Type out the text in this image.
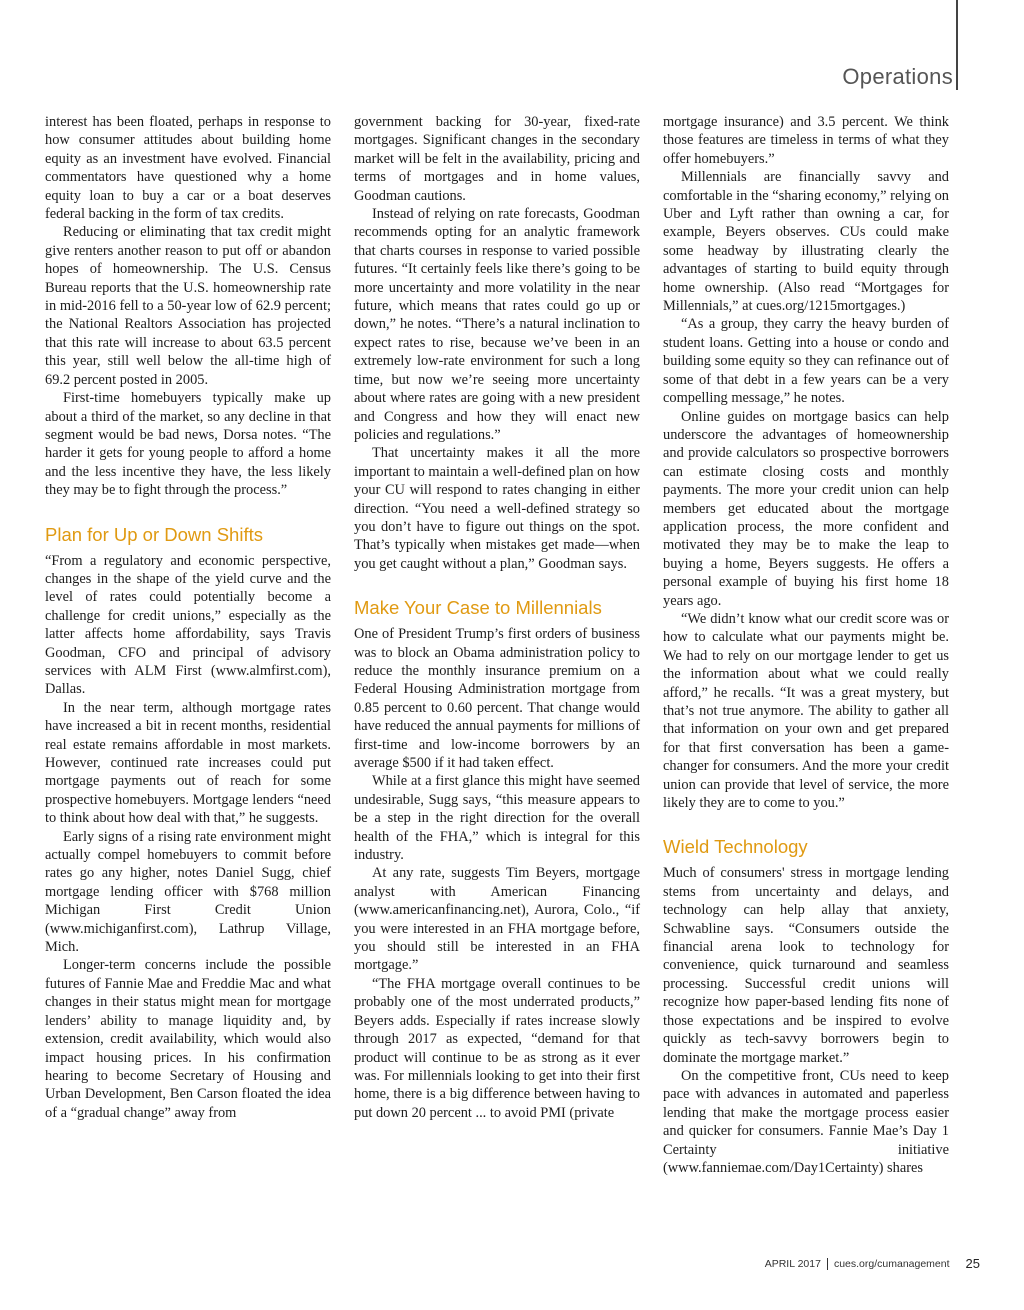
Operations

interest has been floated, perhaps in response to how consumer attitudes about building home equity as an investment have evolved. Financial commentators have questioned why a home equity loan to buy a car or a boat deserves federal backing in the form of tax credits.

Reducing or eliminating that tax credit might give renters another reason to put off or abandon hopes of homeownership. The U.S. Census Bureau reports that the U.S. homeownership rate in mid-2016 fell to a 50-year low of 62.9 percent; the National Realtors Association has projected that this rate will increase to about 63.5 percent this year, still well below the all-time high of 69.2 percent posted in 2005.

First-time homebuyers typically make up about a third of the market, so any decline in that segment would be bad news, Dorsa notes. “The harder it gets for young people to afford a home and the less incentive they have, the less likely they may be to fight through the process.”

Plan for Up or Down Shifts

“From a regulatory and economic perspective, changes in the shape of the yield curve and the level of rates could potentially become a challenge for credit unions,” especially as the latter affects home affordability, says Travis Goodman, CFO and principal of advisory services with ALM First (www.almfirst.com), Dallas.

In the near term, although mortgage rates have increased a bit in recent months, residential real estate remains affordable in most markets. However, continued rate increases could put mortgage payments out of reach for some prospective homebuyers. Mortgage lenders “need to think about how deal with that,” he suggests.

Early signs of a rising rate environment might actually compel homebuyers to commit before rates go any higher, notes Daniel Sugg, chief mortgage lending officer with $768 million Michigan First Credit Union (www.michiganfirst.com), Lathrup Village, Mich.

Longer-term concerns include the possible futures of Fannie Mae and Freddie Mac and what changes in their status might mean for mortgage lenders’ ability to manage liquidity and, by extension, credit availability, which would also impact housing prices. In his confirmation hearing to become Secretary of Housing and Urban Development, Ben Carson floated the idea of a “gradual change” away from

government backing for 30-year, fixed-rate mortgages. Significant changes in the secondary market will be felt in the availability, pricing and terms of mortgages and in home values, Goodman cautions.

Instead of relying on rate forecasts, Goodman recommends opting for an analytic framework that charts courses in response to varied possible futures. “It certainly feels like there’s going to be more uncertainty and more volatility in the near future, which means that rates could go up or down,” he notes. “There’s a natural inclination to expect rates to rise, because we’ve been in an extremely low-rate environment for such a long time, but now we’re seeing more uncertainty about where rates are going with a new president and Congress and how they will enact new policies and regulations.”

That uncertainty makes it all the more important to maintain a well-defined plan on how your CU will respond to rates changing in either direction. “You need a well-defined strategy so you don’t have to figure out things on the spot. That’s typically when mistakes get made—when you get caught without a plan,” Goodman says.

Make Your Case to Millennials

One of President Trump’s first orders of business was to block an Obama administration policy to reduce the monthly insurance premium on a Federal Housing Administration mortgage from 0.85 percent to 0.60 percent. That change would have reduced the annual payments for millions of first-time and low-income borrowers by an average $500 if it had taken effect.

While at a first glance this might have seemed undesirable, Sugg says, “this measure appears to be a step in the right direction for the overall health of the FHA,” which is integral for this industry.

At any rate, suggests Tim Beyers, mortgage analyst with American Financing (www.americanfinancing.net), Aurora, Colo., “if you were interested in an FHA mortgage before, you should still be interested in an FHA mortgage.”

“The FHA mortgage overall continues to be probably one of the most underrated products,” Beyers adds. Especially if rates increase slowly through 2017 as expected, “demand for that product will continue to be as strong as it ever was. For millennials looking to get into their first home, there is a big difference between having to put down 20 percent ... to avoid PMI (private

mortgage insurance) and 3.5 percent. We think those features are timeless in terms of what they offer homebuyers.”

Millennials are financially savvy and comfortable in the “sharing economy,” relying on Uber and Lyft rather than owning a car, for example, Beyers observes. CUs could make some headway by illustrating clearly the advantages of starting to build equity through home ownership. (Also read “Mortgages for Millennials,” at cues.org/1215mortgages.)

“As a group, they carry the heavy burden of student loans. Getting into a house or condo and building some equity so they can refinance out of some of that debt in a few years can be a very compelling message,” he notes.

Online guides on mortgage basics can help underscore the advantages of homeownership and provide calculators so prospective borrowers can estimate closing costs and monthly payments. The more your credit union can help members get educated about the mortgage application process, the more confident and motivated they may be to make the leap to buying a home, Beyers suggests. He offers a personal example of buying his first home 18 years ago.

“We didn’t know what our credit score was or how to calculate what our payments might be. We had to rely on our mortgage lender to get us the information about what we could really afford,” he recalls. “It was a great mystery, but that’s not true anymore. The ability to gather all that information on your own and get prepared for that first conversation has been a game-changer for consumers. And the more your credit union can provide that level of service, the more likely they are to come to you.”

Wield Technology

Much of consumers' stress in mortgage lending stems from uncertainty and delays, and technology can help allay that anxiety, Schwabline says. “Consumers outside the financial arena look to technology for convenience, quick turnaround and seamless processing. Successful credit unions will recognize how paper-based lending fits none of those expectations and be inspired to evolve quickly as tech-savvy borrowers begin to dominate the mortgage market.”

On the competitive front, CUs need to keep pace with advances in automated and paperless lending that make the mortgage process easier and quicker for consumers. Fannie Mae’s Day 1 Certainty initiative (www.fanniemae.com/Day1Certainty) shares

APRIL 2017 cues.org/cumanagement 25
